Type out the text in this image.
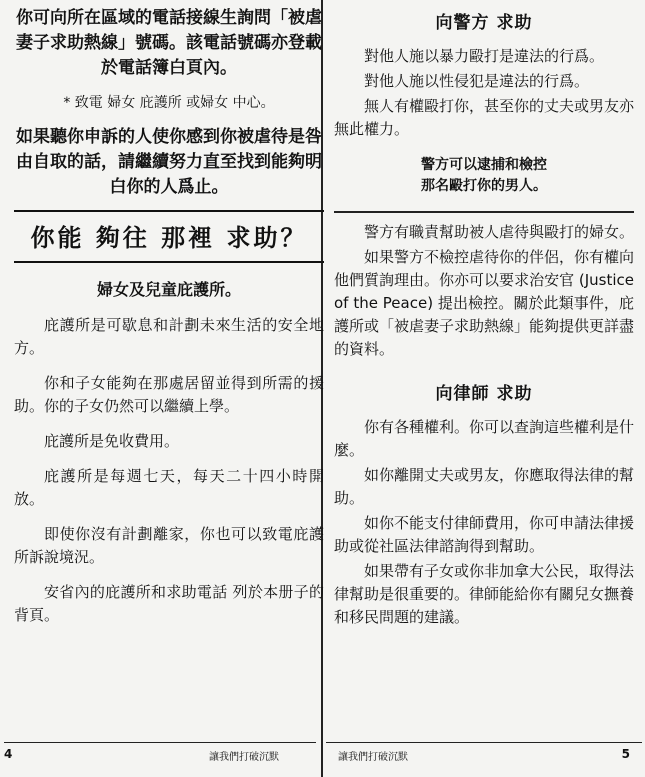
你可向所在區域的電話接線生詢問「被虐妻子求助熱線」號碼。該電話號碼亦登載於電話簿白頁內。

* 致電 婦女 庇護所 或婦女 中心。

如果聽你申訴的人使你感到你被虐待是咎由自取的話，請繼續努力直至找到能夠明白你的人爲止。

你能 夠往 那裡 求助？
婦女及兒童庇護所。

庇護所是可歇息和計劃未來生活的安全地方。

你和子女能夠在那處居留並得到所需的援助。你的子女仍然可以繼續上學。

庇護所是免收費用。

庇護所是每週七天，每天二十四小時開放。

即使你沒有計劃離家，你也可以致電庇護所訴說境況。

安省內的庇護所和求助電話 列於本册子的背頁。

向警方 求助

對他人施以暴力毆打是違法的行爲。

對他人施以性侵犯是違法的行爲。

無人有權毆打你，甚至你的丈夫或男友亦無此權力。

警方可以逮捕和檢控
那名毆打你的男人。

警方有職責幫助被人虐待與毆打的婦女。

如果警方不檢控虐待你的伴侶，你有權向他們質詢理由。你亦可以要求治安官 (Justice of the Peace) 提出檢控。關於此類事件，庇護所或「被虐妻子求助熱線」能夠提供更詳盡的資料。

向律師 求助

你有各種權利。你可以查詢這些權利是什麼。

如你離開丈夫或男友，你應取得法律的幫助。

如你不能支付律師費用，你可申請法律援助或從社區法律諮詢得到幫助。

如果帶有子女或你非加拿大公民，取得法律幫助是很重要的。律師能給你有關兒女撫養和移民問題的建議。

4	讓我們打破沉默	讓我們打破沉默	5
